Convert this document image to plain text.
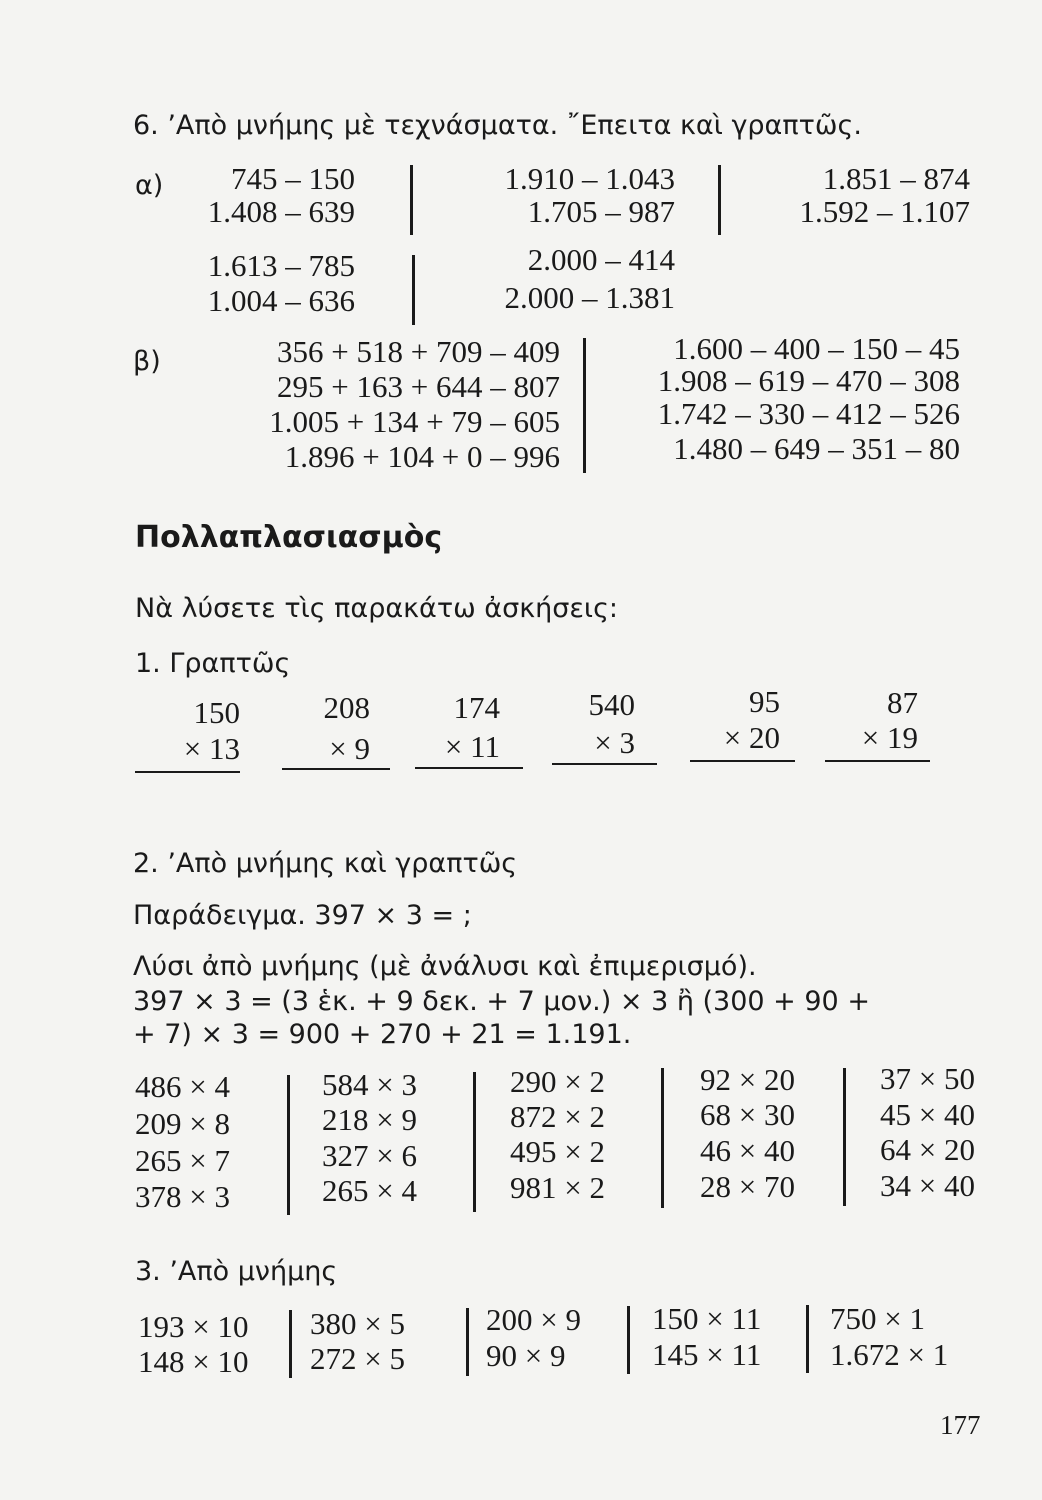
6. ’Aπὸ μνήμης μὲ τεχνάσματα. ῎Eπειτα καὶ γραπτῶς.
α)	745 – 150
1.408 – 639
1.910 – 1.043
1.705 – 987
1.851 – 874
1.592 – 1.107
1.613 – 785
1.004 – 636
2.000 – 414
2.000 – 1.381
β)	356 + 518 + 709 – 409
295 + 163 + 644 – 807
1.005 + 134 + 79 – 605
1.896 + 104 + 0 – 996
1.600 – 400 – 150 – 45
1.908 – 619 – 470 – 308
1.742 – 330 – 412 – 526
1.480 – 649 – 351 – 80
Πολλαπλασιασμὸς
Nὰ λύσετε τὶς παρακάτω ἀσκήσεις:
1. Γραπτῶς
150
× 13
208
× 9
174
× 11
540
× 3
95
× 20
87
× 19
2. ’Aπὸ μνήμης καὶ γραπτῶς
Παράδειγμα. 397 × 3 = ;
Λύσι ἀπὸ μνήμης (μὲ ἀνάλυσι καὶ ἐπιμερισμό).
397 × 3 = (3 ἑκ. + 9 δεκ. + 7 μον.) × 3 ἢ (300 + 90 +
+ 7) × 3 = 900 + 270 + 21 = 1.191.
486 × 4
209 × 8
265 × 7
378 × 3
584 × 3
218 × 9
327 × 6
265 × 4
290 × 2
872 × 2
495 × 2
981 × 2
92 × 20
68 × 30
46 × 40
28 × 70
37 × 50
45 × 40
64 × 20
34 × 40
3. ’Aπὸ μνήμης
193 × 10
148 × 10
380 × 5
272 × 5
200 × 9
90 × 9
150 × 11
145 × 11
750 × 1
1.672 × 1
177
